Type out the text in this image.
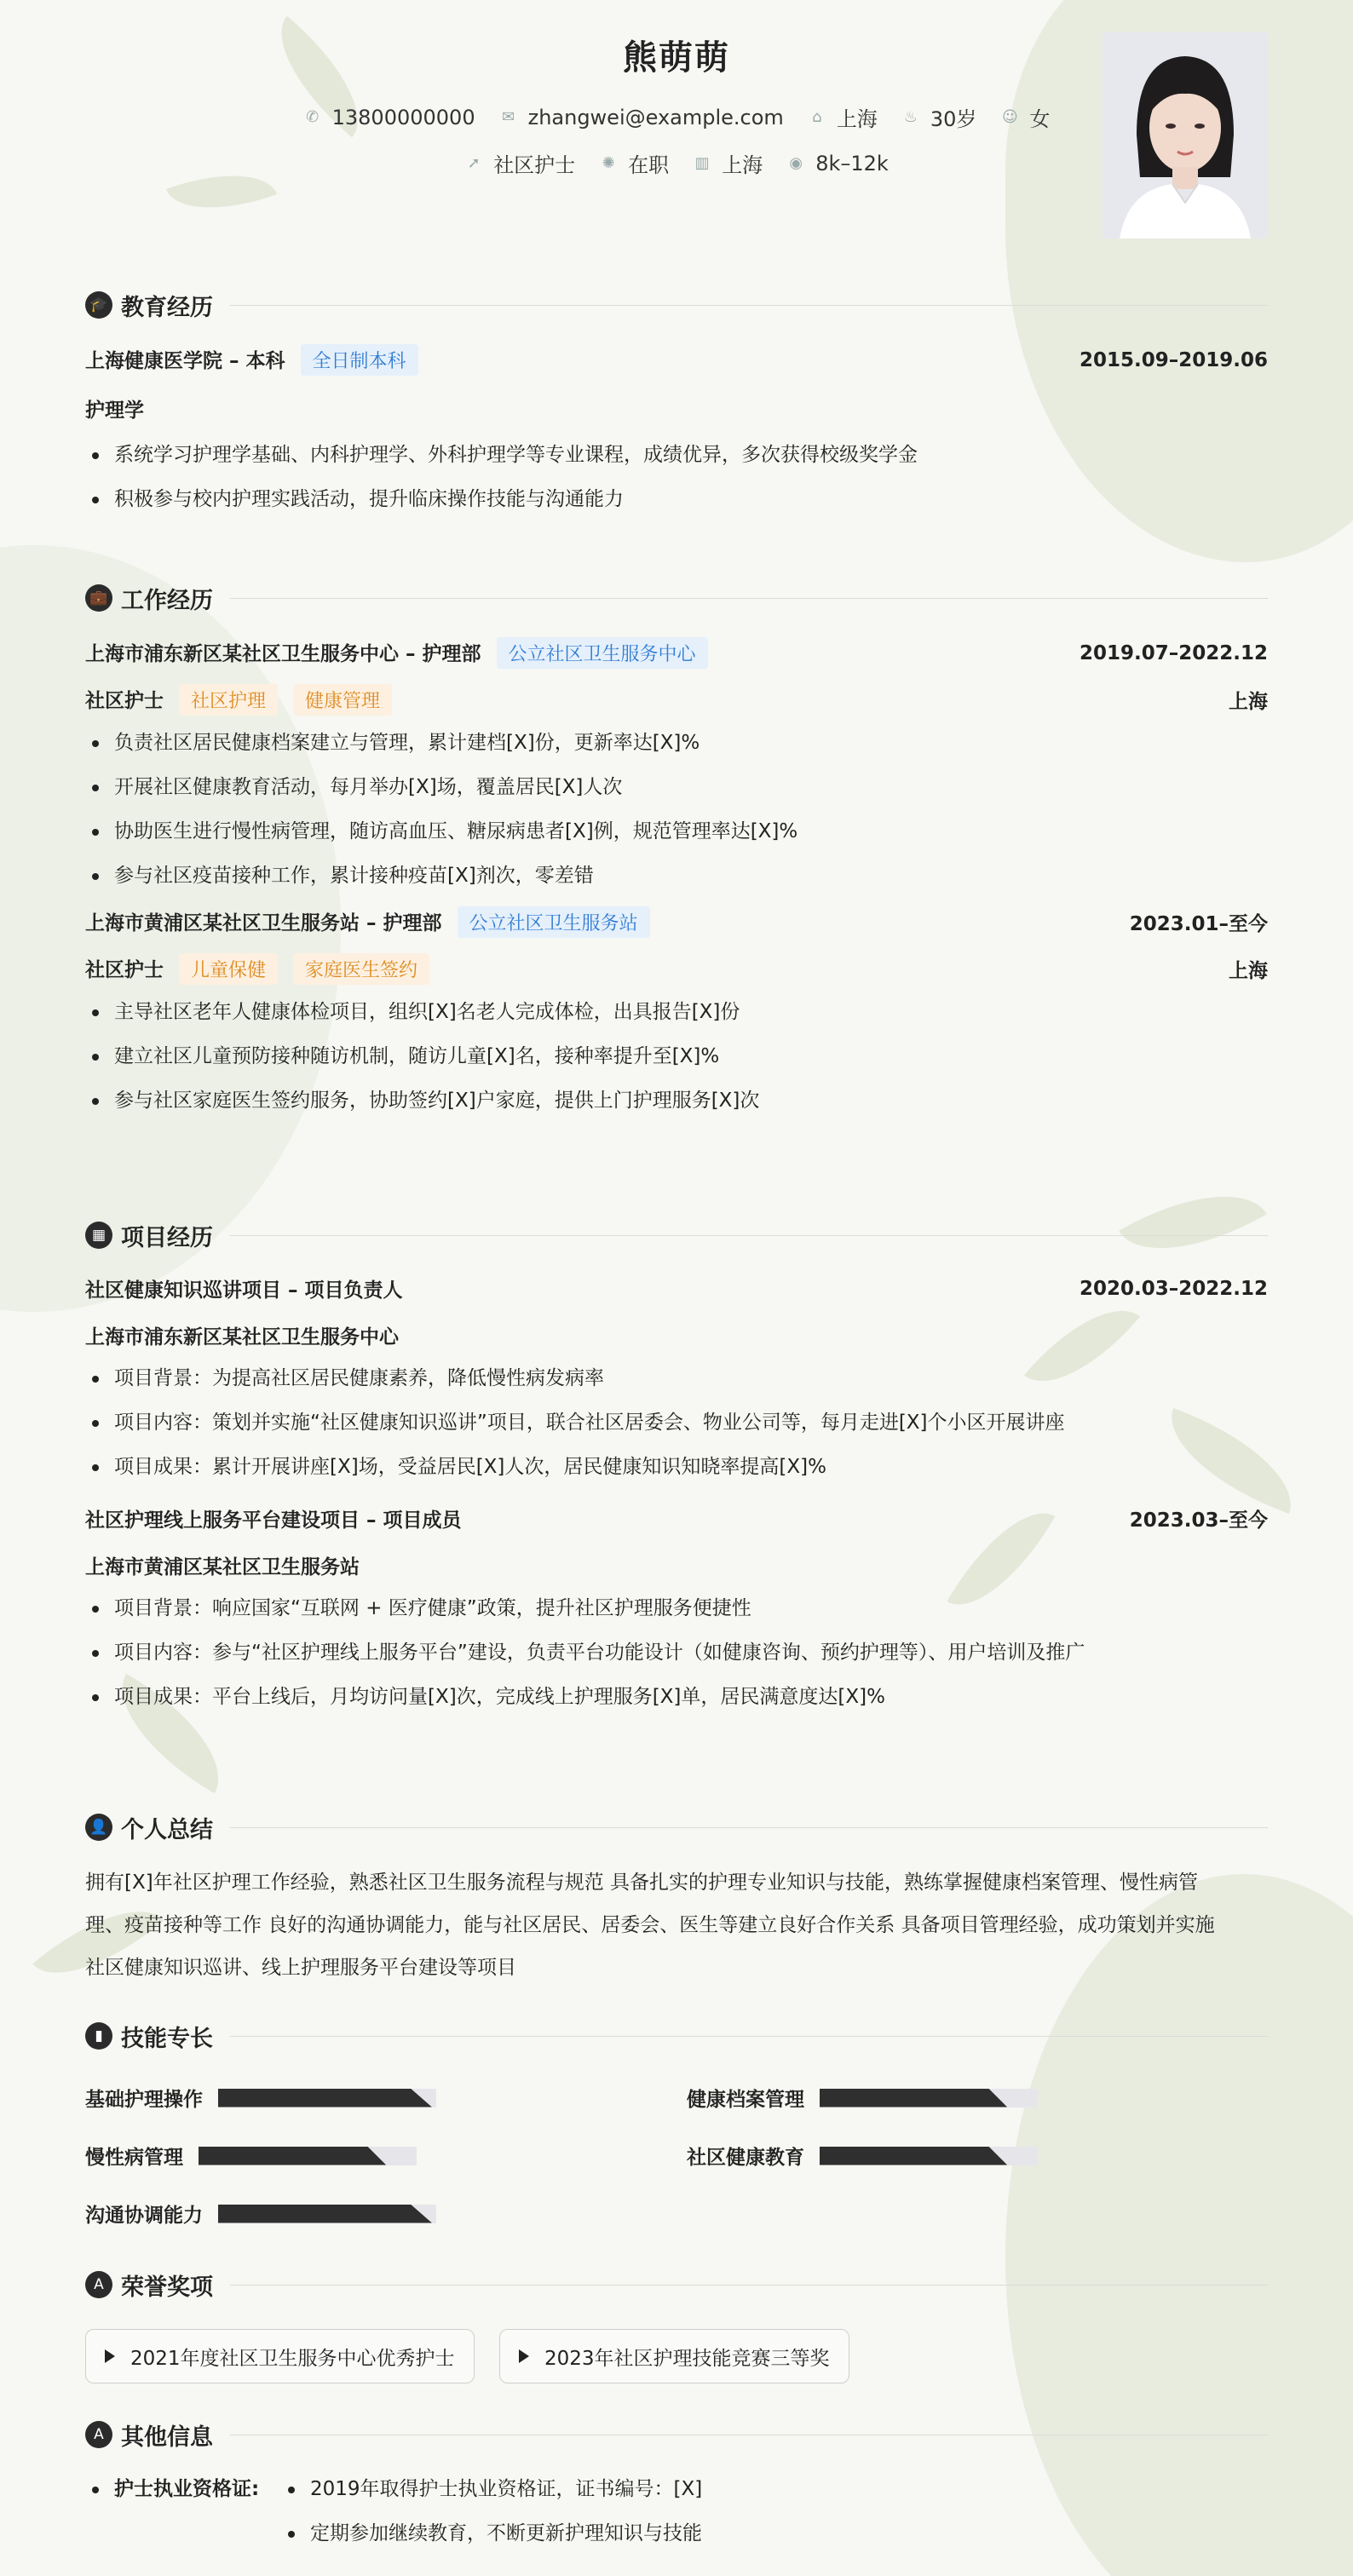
熊萌萌
✆ 13800000000 ✉ zhangwei@example.com ⌂ 上海 ♨ 30岁 ☺ 女
➚ 社区护士 ✺ 在职 ▥ 上海 ◉ 8k–12k
🎓 教育经历
上海健康医学院 – 本科 全日制本科	2015.09–2019.06
护理学
系统学习护理学基础、内科护理学、外科护理学等专业课程，成绩优异，多次获得校级奖学金
积极参与校内护理实践活动，提升临床操作技能与沟通能力
💼 工作经历
上海市浦东新区某社区卫生服务中心 – 护理部 公立社区卫生服务中心	2019.07–2022.12
社区护士 社区护理 健康管理	上海
负责社区居民健康档案建立与管理，累计建档[X]份，更新率达[X]%
开展社区健康教育活动，每月举办[X]场，覆盖居民[X]人次
协助医生进行慢性病管理，随访高血压、糖尿病患者[X]例，规范管理率达[X]%
参与社区疫苗接种工作，累计接种疫苗[X]剂次，零差错
上海市黄浦区某社区卫生服务站 – 护理部 公立社区卫生服务站	2023.01–至今
社区护士 儿童保健 家庭医生签约	上海
主导社区老年人健康体检项目，组织[X]名老人完成体检，出具报告[X]份
建立社区儿童预防接种随访机制，随访儿童[X]名，接种率提升至[X]%
参与社区家庭医生签约服务，协助签约[X]户家庭，提供上门护理服务[X]次
▦ 项目经历
社区健康知识巡讲项目 – 项目负责人	2020.03–2022.12
上海市浦东新区某社区卫生服务中心
项目背景：为提高社区居民健康素养，降低慢性病发病率
项目内容：策划并实施“社区健康知识巡讲”项目，联合社区居委会、物业公司等，每月走进[X]个小区开展讲座
项目成果：累计开展讲座[X]场，受益居民[X]人次，居民健康知识知晓率提高[X]%
社区护理线上服务平台建设项目 – 项目成员	2023.03–至今
上海市黄浦区某社区卫生服务站
项目背景：响应国家“互联网 + 医疗健康”政策，提升社区护理服务便捷性
项目内容：参与“社区护理线上服务平台”建设，负责平台功能设计（如健康咨询、预约护理等）、用户培训及推广
项目成果：平台上线后，月均访问量[X]次，完成线上护理服务[X]单，居民满意度达[X]%
👤 个人总结
拥有[X]年社区护理工作经验，熟悉社区卫生服务流程与规范 具备扎实的护理专业知识与技能，熟练掌握健康档案管理、慢性病管
理、疫苗接种等工作 良好的沟通协调能力，能与社区居民、居委会、医生等建立良好合作关系 具备项目管理经验，成功策划并实施
社区健康知识巡讲、线上护理服务平台建设等项目
▮ 技能专长
基础护理操作	健康档案管理
慢性病管理	社区健康教育
沟通协调能力
A 荣誉奖项
2021年度社区卫生服务中心优秀护士	2023年社区护理技能竞赛三等奖
A 其他信息
护士执业资格证:	2019年取得护士执业资格证，证书编号：[X]
定期参加继续教育，不断更新护理知识与技能
